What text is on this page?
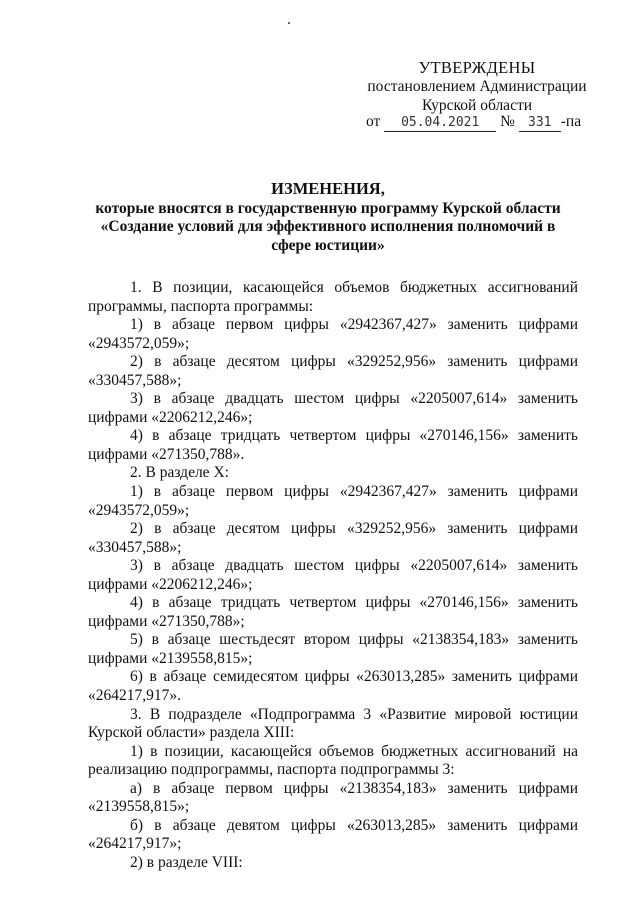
УТВЕРЖДЕНЫ
постановлением Администрации
Курской области
от 05.04.2021 № 331 -па
ИЗМЕНЕНИЯ,
которые вносятся в государственную программу Курской области «Создание условий для эффективного исполнения полномочий в сфере юстиции»

1. В позиции, касающейся объемов бюджетных ассигнований программы, паспорта программы:

1) в абзаце первом цифры «2942367,427» заменить цифрами «2943572,059»;

2) в абзаце десятом цифры «329252,956» заменить цифрами «330457,588»;

3) в абзаце двадцать шестом цифры «2205007,614» заменить цифрами «2206212,246»;

4) в абзаце тридцать четвертом цифры «270146,156» заменить цифрами «271350,788».

2. В разделе X:

1) в абзаце первом цифры «2942367,427» заменить цифрами «2943572,059»;

2) в абзаце десятом цифры «329252,956» заменить цифрами «330457,588»;

3) в абзаце двадцать шестом цифры «2205007,614» заменить цифрами «2206212,246»;

4) в абзаце тридцать четвертом цифры «270146,156» заменить цифрами «271350,788»;

5) в абзаце шестьдесят втором цифры «2138354,183» заменить цифрами «2139558,815»;

6) в абзаце семидесятом цифры «263013,285» заменить цифрами «264217,917».

3. В подразделе «Подпрограмма 3 «Развитие мировой юстиции Курской области» раздела XIII:

1) в позиции, касающейся объемов бюджетных ассигнований на реализацию подпрограммы, паспорта подпрограммы 3:

а) в абзаце первом цифры «2138354,183» заменить цифрами «2139558,815»;

б) в абзаце девятом цифры «263013,285» заменить цифрами «264217,917»;

2) в разделе VIII:
